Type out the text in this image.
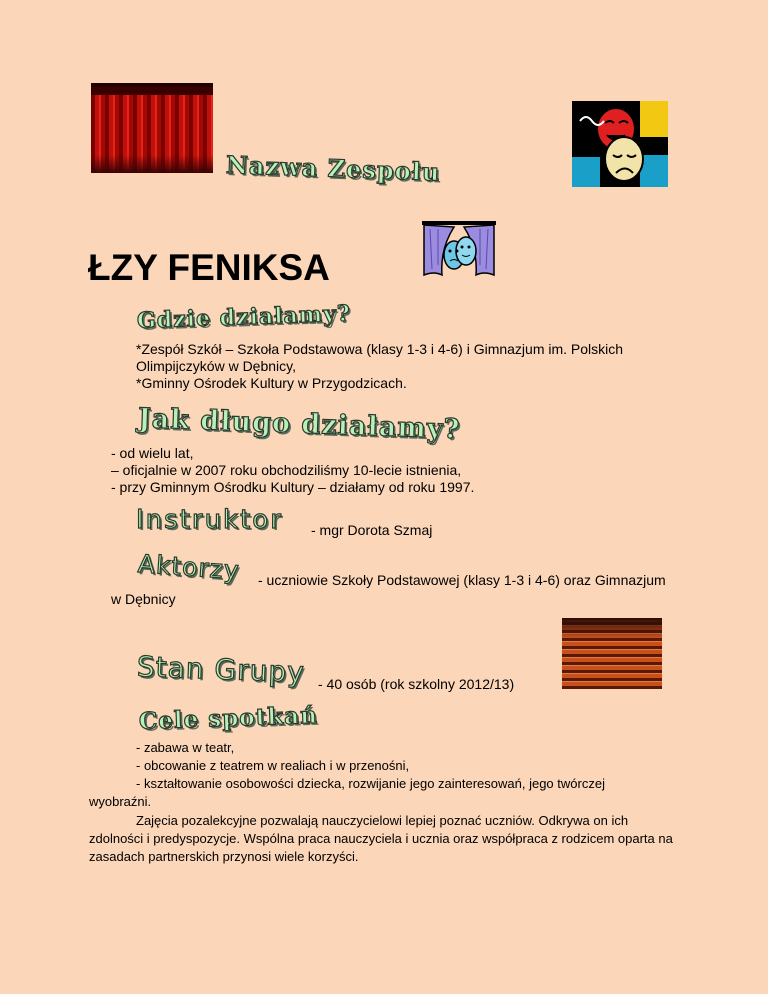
Nazwa Zespołu
ŁZY FENIKSA
Gdzie działamy?
*Zespół Szkół – Szkoła Podstawowa (klasy 1-3 i 4-6) i Gimnazjum im. Polskich
Olimpijczyków w Dębnicy,
*Gminny Ośrodek Kultury w Przygodzicach.
Jak długo działamy?
- od wielu lat,
– oficjalnie w 2007 roku obchodziliśmy 10-lecie istnienia,
- przy Gminnym Ośrodku Kultury – działamy od roku 1997.
Instruktor - mgr Dorota Szmaj
Aktorzy - uczniowie Szkoły Podstawowej (klasy 1-3 i 4-6) oraz Gimnazjum
w Dębnicy
Stan Grupy - 40 osób (rok szkolny 2012/13)
Cele spotkań
- zabawa w teatr,
- obcowanie z teatrem w realiach i w przenośni,
- kształtowanie osobowości dziecka, rozwijanie jego zainteresowań, jego twórczej
wyobraźni.
Zajęcia pozalekcyjne pozwalają nauczycielowi lepiej poznać uczniów. Odkrywa on ich
zdolności i predyspozycje. Wspólna praca nauczyciela i ucznia oraz współpraca z rodzicem oparta na
zasadach partnerskich przynosi wiele korzyści.
